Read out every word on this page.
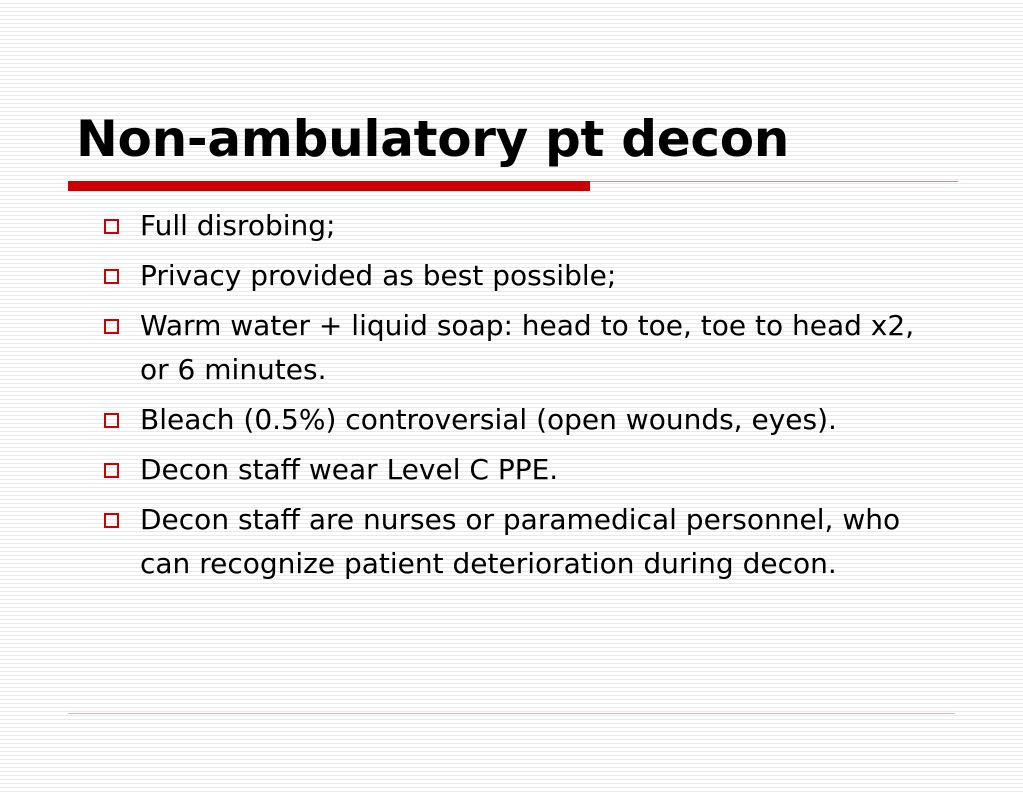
Non-ambulatory pt decon
Full disrobing;
Privacy provided as best possible;
Warm water + liquid soap: head to toe, toe to head x2, or 6 minutes.
Bleach (0.5%) controversial (open wounds, eyes).
Decon staff wear Level C PPE.
Decon staff are nurses or paramedical personnel, who can recognize patient deterioration during decon.
